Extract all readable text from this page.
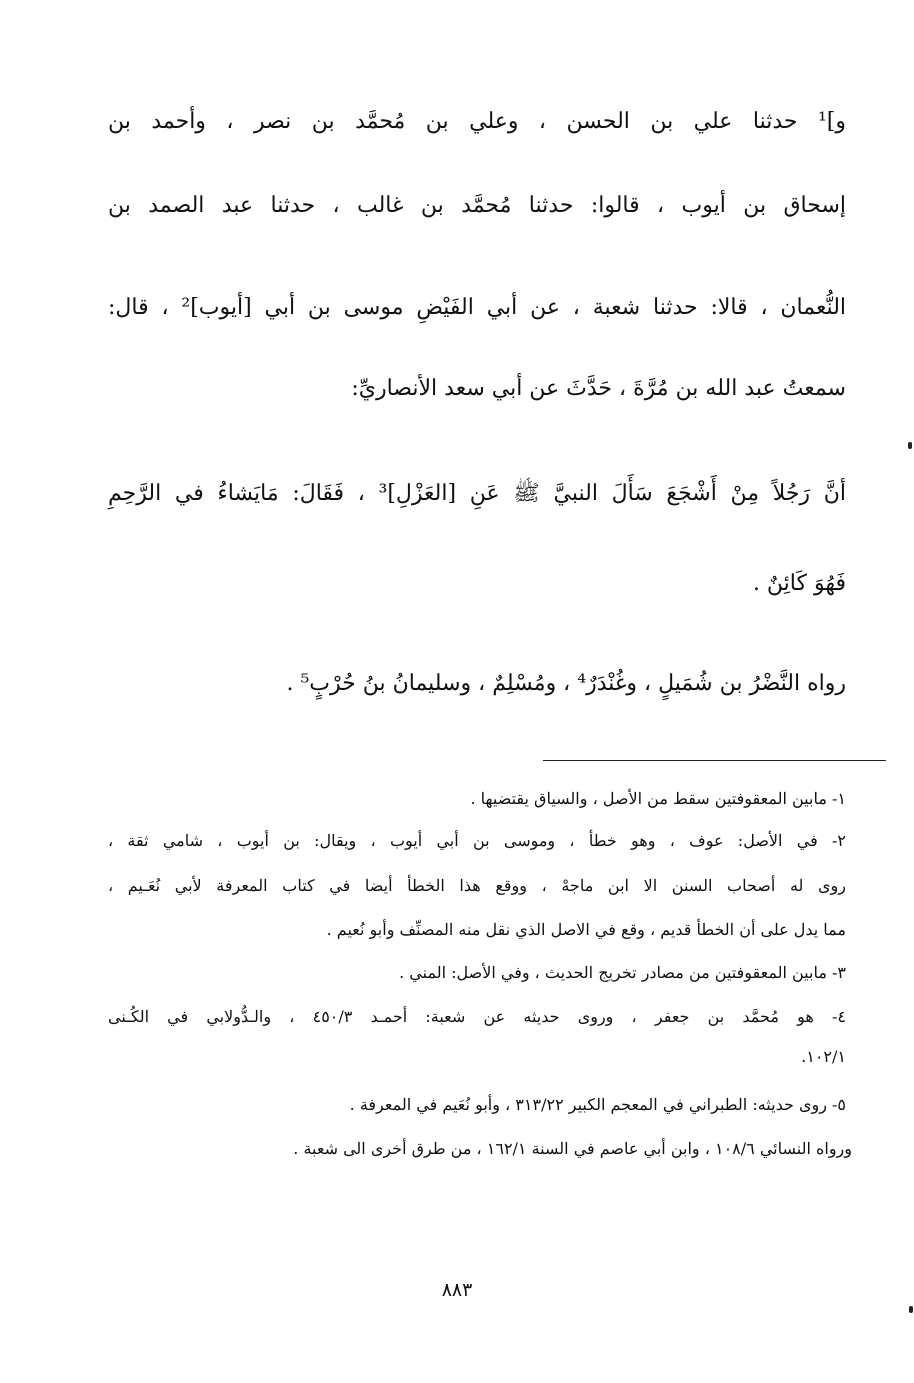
و]¹ حدثنا علي بن الحسن ، وعلي بن مُحمَّد بن نصر ، وأحمد بن
إسحاق بن أيوب ، قالوا: حدثنا مُحمَّد بن غالب ، حدثنا عبد الصمد بن
النُّعمان ، قالا: حدثنا شعبة ، عن أبي الفَيْضِ موسى بن أبي [أيوب]² ، قال:
سمعتُ عبد الله بن مُرَّةَ ، حَدَّثَ عن أبي سعد الأنصاريِّ:
أنَّ رَجُلاً مِنْ أَشْجَعَ سَأَلَ النبيَّ ﷺ عَنِ [العَزْلِ]³ ، فَقَالَ: مَايَشاءُ في الرَّحِمِ
فَهُوَ كَائِنٌ .
رواه النَّضْرُ بن شُمَيلٍ ، وغُنْدَرٌ⁴ ، ومُسْلِمٌ ، وسليمانُ بنُ حُرْبٍ⁵ .
١- مابين المعقوفتين سقط من الأصل ، والسياق يقتضيها .
٢- في الأصل: عوف ، وهو خطأ ، وموسى بن أبي أيوب ، ويقال: بن أيوب ، شامي ثقة ،
روى له أصحاب السنن الا ابن ماجهْ ، ووقع هذا الخطأ أيضا في كتاب المعرفة لأبي نُعَـيم ،
مما يدل على أن الخطأ قديم ، وقع في الاصل الذي نقل منه المصنِّف وأبو نُعيم .
٣- مابين المعقوفتين من مصادر تخريج الحديث ، وفي الأصل: المني .
٤- هو مُحمَّد بن جعفر ، وروى حديثه عن شعبة: أحمـد ٤٥٠/٣ ، والـدُّولابي في الكُـنى
١٠٢/١.
٥- روى حديثه: الطبراني في المعجم الكبير ٣١٣/٢٢ ، وأبو نُعَيم في المعرفة .
ورواه النسائي ١٠٨/٦ ، وابن أبي عاصم في السنة ١٦٢/١ ، من طرق أخرى الى شعبة .
٨٨٣
